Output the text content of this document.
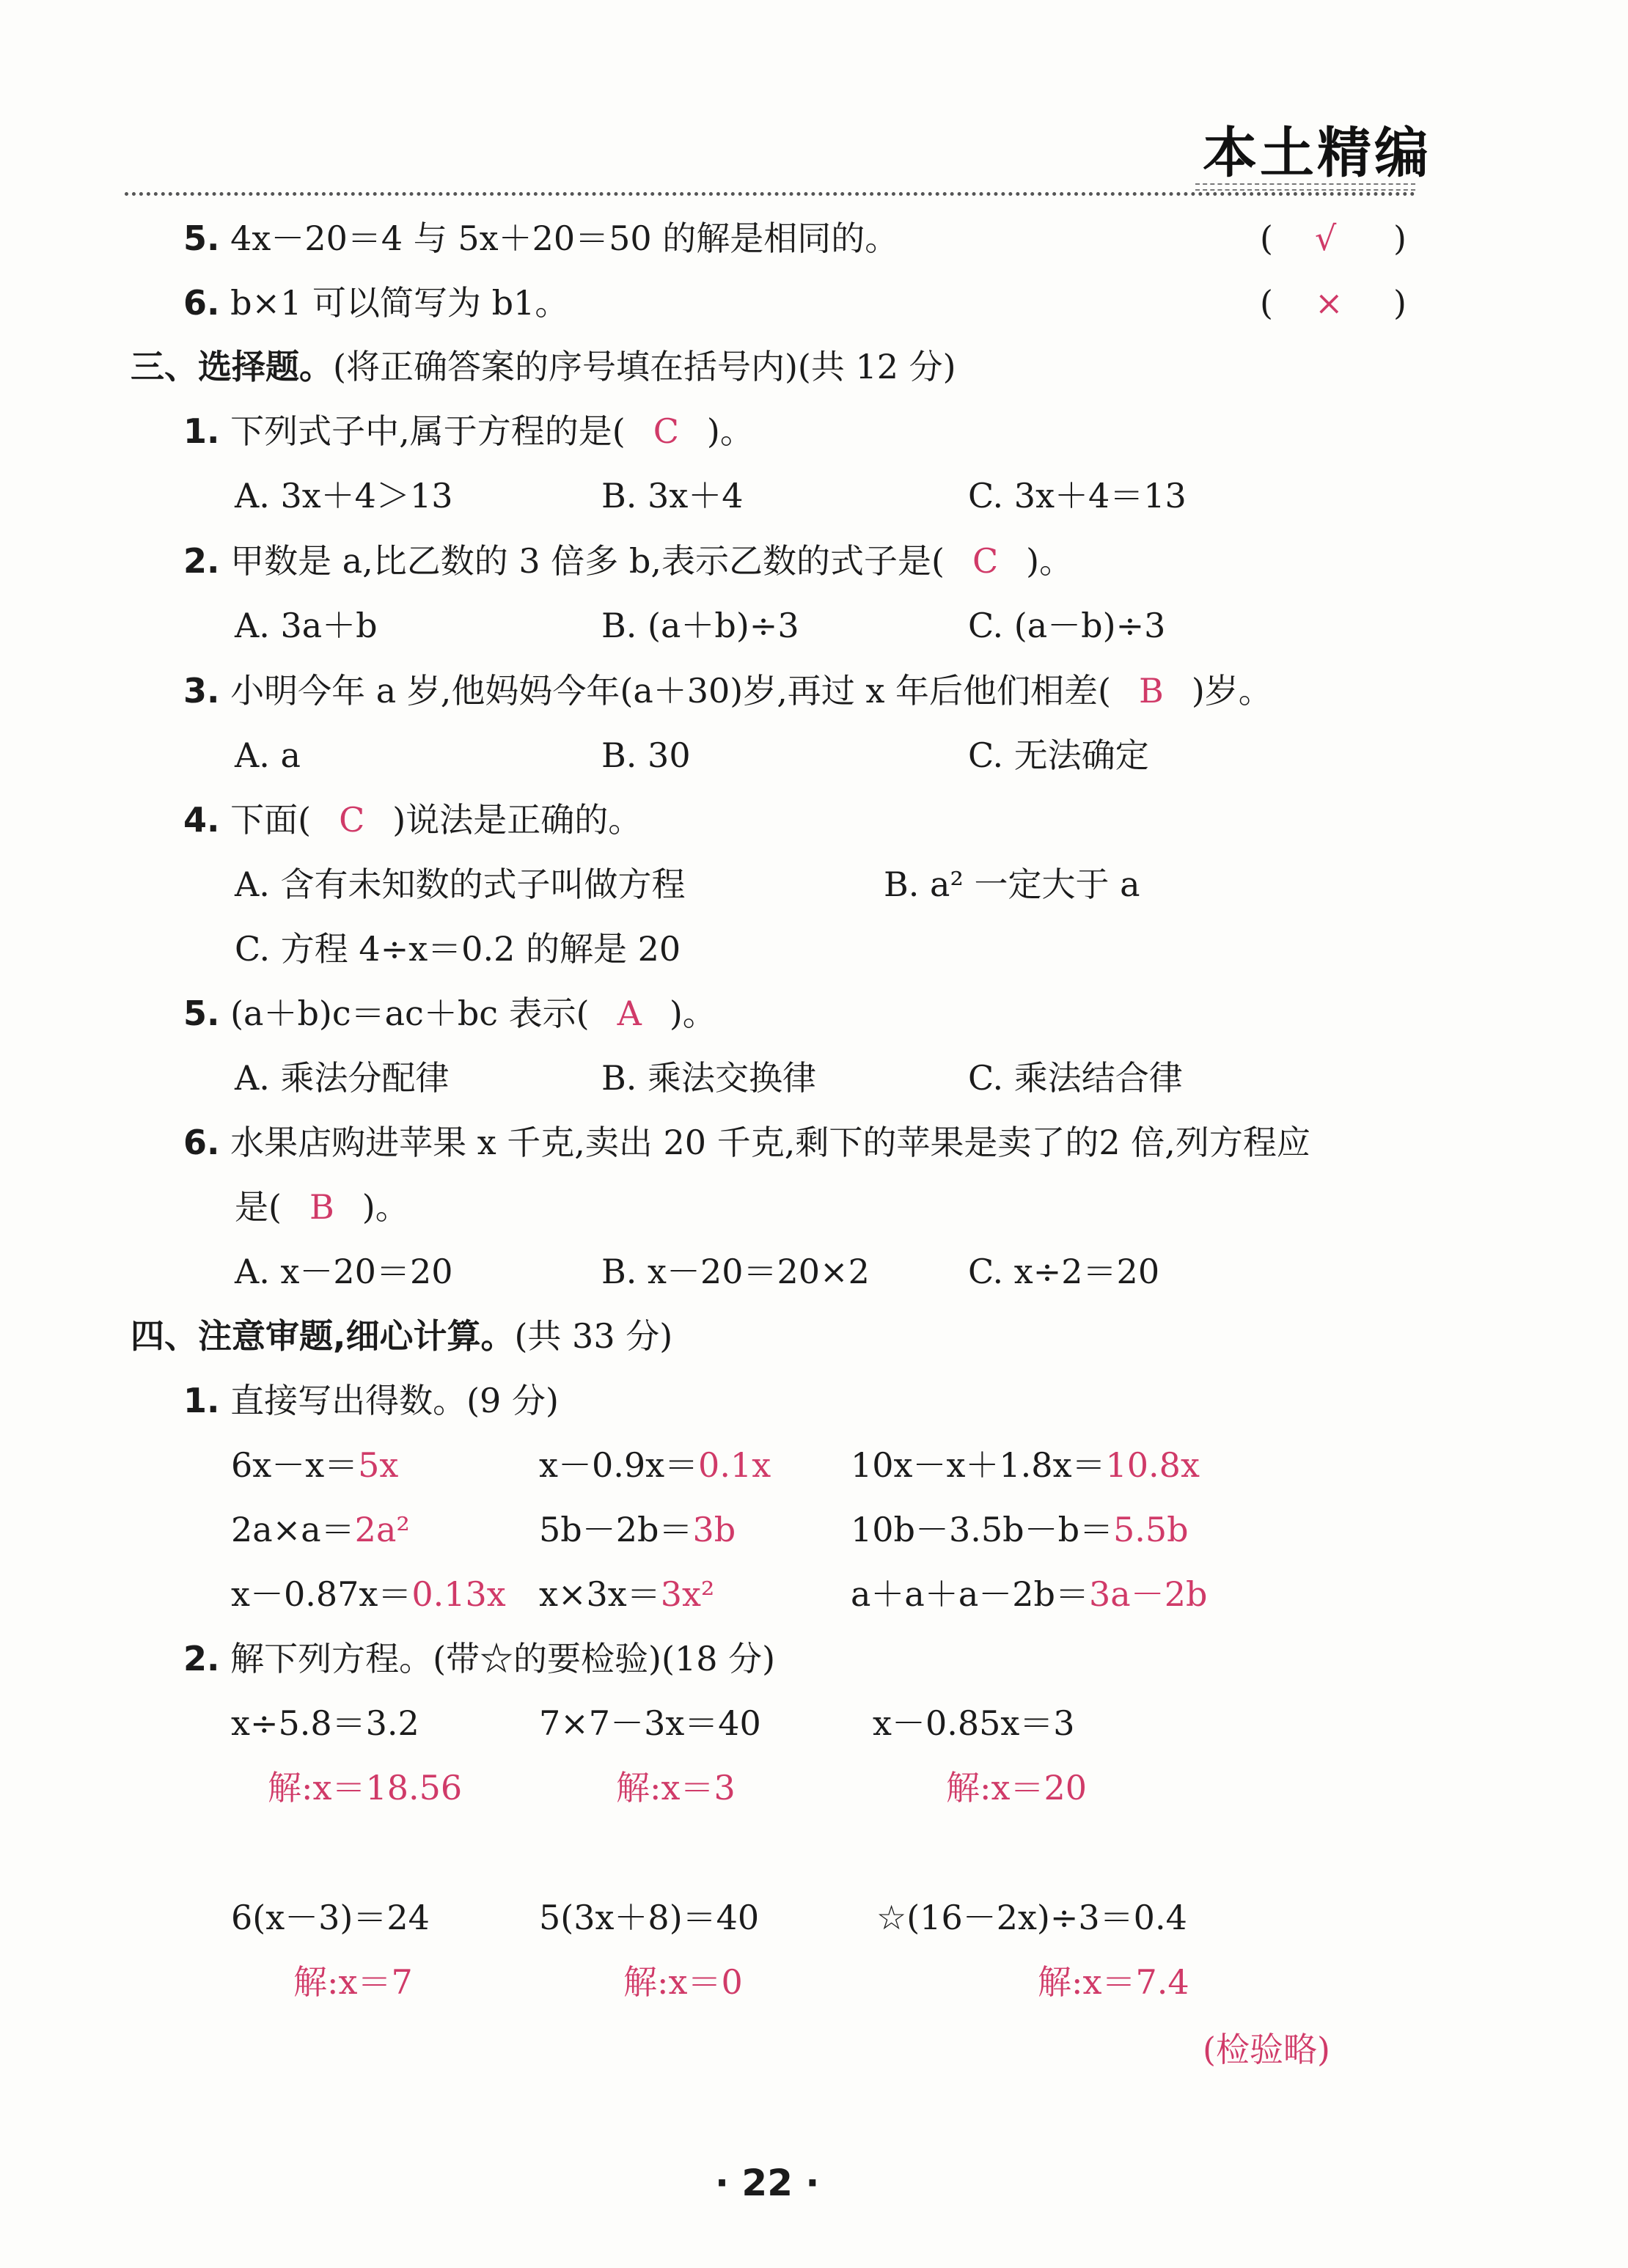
本土精编
5. 4x－20＝4 与 5x＋20＝50 的解是相同的。	( √ )
6. b×1 可以简写为 b1。	( × )
三、选择题。(将正确答案的序号填在括号内)(共 12 分)
1. 下列式子中,属于方程的是( C )。
A. 3x＋4＞13	B. 3x＋4	C. 3x＋4＝13
2. 甲数是 a,比乙数的 3 倍多 b,表示乙数的式子是( C )。
A. 3a＋b	B. (a＋b)÷3	C. (a－b)÷3
3. 小明今年 a 岁,他妈妈今年(a＋30)岁,再过 x 年后他们相差( B )岁。
A. a	B. 30	C. 无法确定
4. 下面( C )说法是正确的。
A. 含有未知数的式子叫做方程	B. a² 一定大于 a
C. 方程 4÷x＝0.2 的解是 20
5. (a＋b)c＝ac＋bc 表示( A )。
A. 乘法分配律	B. 乘法交换律	C. 乘法结合律
6. 水果店购进苹果 x 千克,卖出 20 千克,剩下的苹果是卖了的2 倍,列方程应
是( B )。
A. x－20＝20	B. x－20＝20×2	C. x÷2＝20
四、注意审题,细心计算。(共 33 分)
1. 直接写出得数。(9 分)
6x－x＝5x	x－0.9x＝0.1x 10x－x＋1.8x＝10.8x
2a×a＝2a²	5b－2b＝3b	10b－3.5b－b＝5.5b
x－0.87x＝0.13x x×3x＝3x²	a＋a＋a－2b＝3a－2b
2. 解下列方程。(带☆的要检验)(18 分)
x÷5.8＝3.2	7×7－3x＝40	x－0.85x＝3
解:x＝18.56	解:x＝3	解:x＝20
6(x－3)＝24	5(3x＋8)＝40	☆(16－2x)÷3＝0.4
解:x＝7	解:x＝0	解:x＝7.4
(检验略)
· 22 ·
